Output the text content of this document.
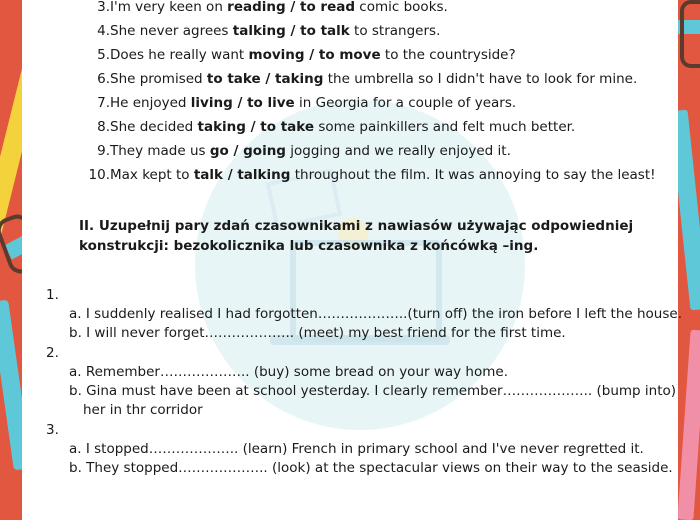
3.I'm very keen on reading / to read comic books.
4.She never agrees talking / to talk to strangers.
5.Does he really want moving / to move to the countryside?
6.She promised to take / taking the umbrella so I didn't have to look for mine.
7.He enjoyed living / to live in Georgia for a couple of years.
8.She decided taking / to take some painkillers and felt much better.
9.They made us go / going jogging and we really enjoyed it.
10.Max kept to talk / talking throughout the film. It was annoying to say the least!
II. Uzupełnij pary zdań czasownikami z nawiasów używając odpowiedniej konstrukcji: bezokolicznika lub czasownika z końcówką –ing.
1.
a. I suddenly realised I had forgotten………………..(turn off) the iron before I left the house.
b. I will never forget……………….. (meet) my best friend for the first time.
2.
a. Remember……………….. (buy) some bread on your way home.
b. Gina must have been at school yesterday. I clearly remember……………….. (bump into)
her in thr corridor
3.
a. I stopped……………….. (learn) French in primary school and I've never regretted it.
b. They stopped……………….. (look) at the spectacular views on their way to the seaside.
